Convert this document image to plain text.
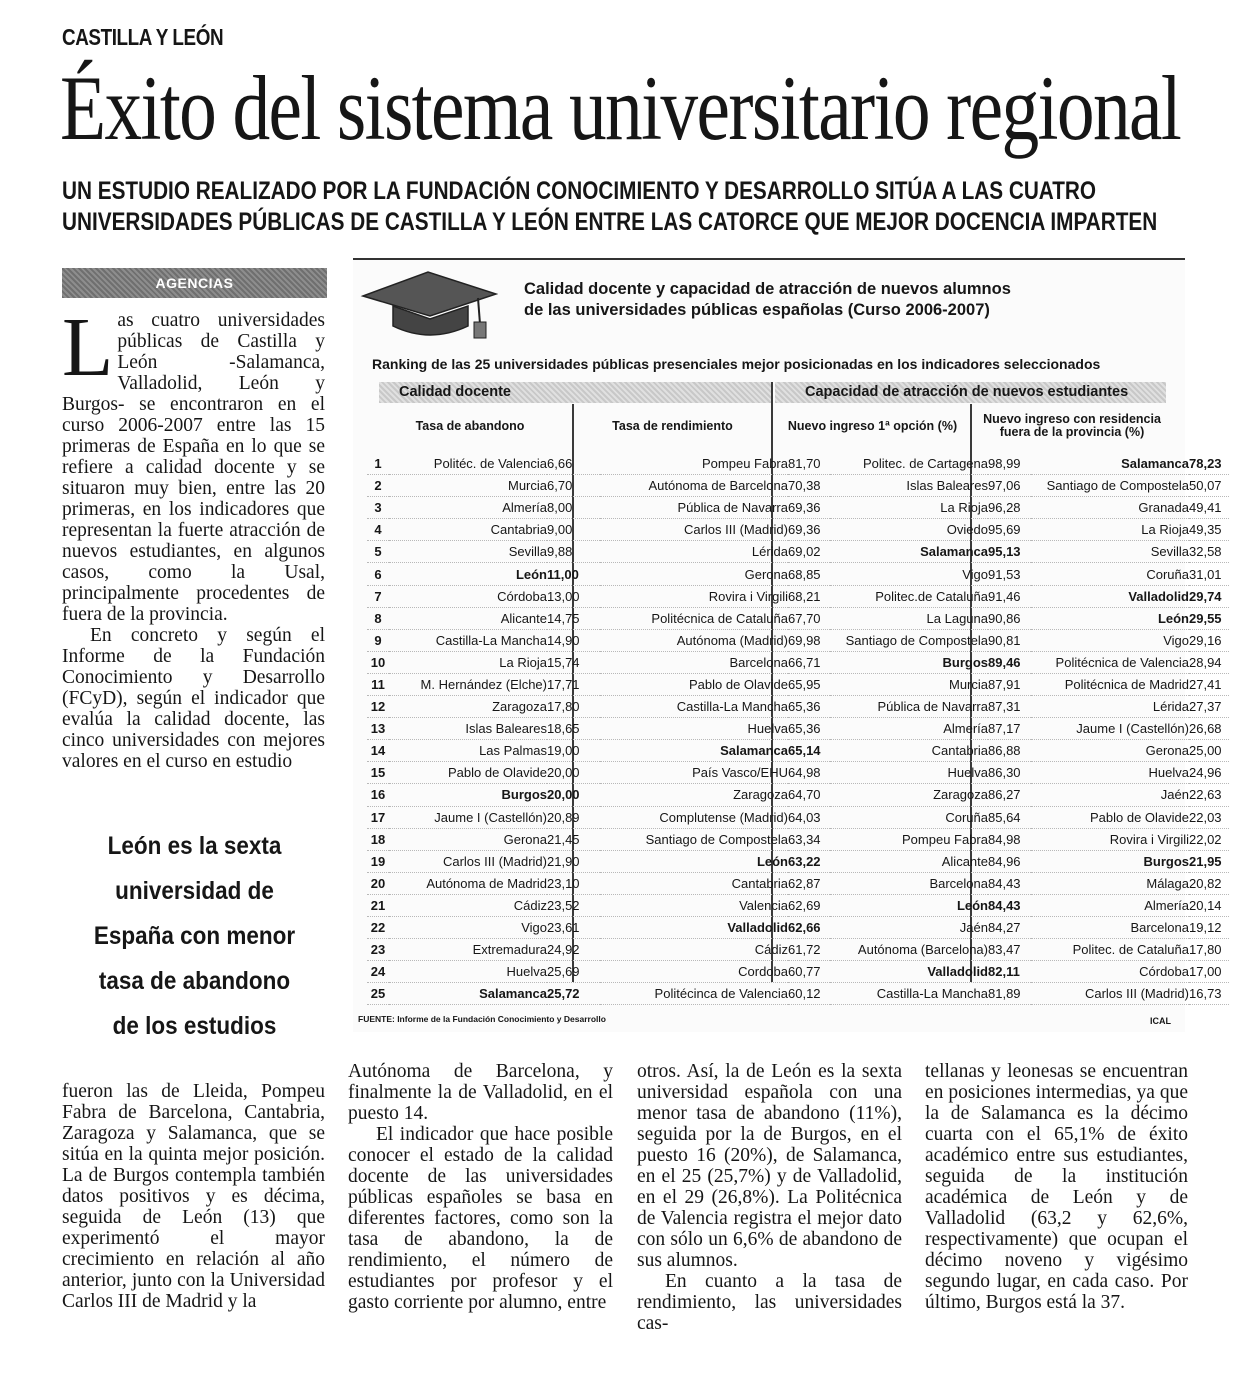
CASTILLA Y LEÓN
Éxito del sistema universitario regional
UN ESTUDIO REALIZADO POR LA FUNDACIÓN CONOCIMIENTO Y DESARROLLO SITÚA A LAS CUATRO UNIVERSIDADES PÚBLICAS DE CASTILLA Y LEÓN ENTRE LAS CATORCE QUE MEJOR DOCENCIA IMPARTEN
AGENCIAS
Las cuatro universidades públicas de Castilla y León -Salamanca, Valladolid, León y Burgos- se encontraron en el curso 2006-2007 entre las 15 primeras de España en lo que se refiere a calidad docente y se situaron muy bien, entre las 20 primeras, en los indicadores que representan la fuerte atracción de nuevos estudiantes, en algunos casos, como la Usal, principalmente procedentes de fuera de la provincia.
En concreto y según el Informe de la Fundación Conocimiento y Desarrollo (FCyD), según el indicador que evalúa la calidad docente, las cinco universidades con mejores valores en el curso en estudio
León es la sexta
universidad de
España con menor
tasa de abandono
de los estudios
fueron las de Lleida, Pompeu Fabra de Barcelona, Cantabria, Zaragoza y Salamanca, que se sitúa en la quinta mejor posición. La de Burgos contempla también datos positivos y es décima, seguida de León (13) que experimentó el mayor crecimiento en relación al año anterior, junto con la Universidad Carlos III de Madrid y la
Autónoma de Barcelona, y finalmente la de Valladolid, en el puesto 14.
El indicador que hace posible conocer el estado de la calidad docente de las universidades públicas españoles se basa en diferentes factores, como son la tasa de abandono, la de rendimiento, el número de estudiantes por profesor y el gasto corriente por alumno, entre
otros. Así, la de León es la sexta universidad española con una menor tasa de abandono (11%), seguida por la de Burgos, en el puesto 16 (20%), de Salamanca, en el 25 (25,7%) y de Valladolid, en el 29 (26,8%). La Politécnica de Valencia registra el mejor dato con sólo un 6,6% de abandono de sus alumnos.
En cuanto a la tasa de rendimiento, las universidades cas-
tellanas y leonesas se encuentran en posiciones intermedias, ya que la de Salamanca es la décimo cuarta con el 65,1% de éxito académico entre sus estudiantes, seguida de la institución académica de León y de Valladolid (63,2 y 62,6%, respectivamente) que ocupan el décimo noveno y vigésimo segundo lugar, en cada caso. Por último, Burgos está la 37.
Calidad docente y capacidad de atracción de nuevos alumnos
de las universidades públicas españolas (Curso 2006-2007)
Ranking de las 25 universidades públicas presenciales mejor posicionadas en los indicadores seleccionados
Calidad docente	Capacidad de atracción de nuevos estudiantes
Tasa de abandono	Tasa de rendimiento	Nuevo ingreso 1ª opción (%)	Nuevo ingreso con residencia
fuera de la provincia (%)
1	Politéc. de Valencia	6,66	Pompeu Fabra	81,70	Politec. de Cartagena	98,99	Salamanca	78,23
2	Murcia	6,70	Autónoma de Barcelona	70,38	Islas Baleares	97,06	Santiago de Compostela	50,07
3	Almería	8,00	Pública de Navarra	69,36	La Rioja	96,28	Granada	49,41
4	Cantabria	9,00	Carlos III (Madrid)	69,36	Oviedo	95,69	La Rioja	49,35
5	Sevilla	9,88	Lérida	69,02	Salamanca	95,13	Sevilla	32,58
6	León	11,00	Gerona	68,85	Vigo	91,53	Coruña	31,01
7	Córdoba	13,00	Rovira i Virgili	68,21	Politec.de Cataluña	91,46	Valladolid	29,74
8	Alicante	14,75	Politécnica de Cataluña	67,70	La Laguna	90,86	León	29,55
9	Castilla-La Mancha	14,90	Autónoma (Madrid)	69,98	Santiago de Compostela	90,81	Vigo	29,16
10	La Rioja	15,74	Barcelona	66,71	Burgos	89,46	Politécnica de Valencia	28,94
11	M. Hernández (Elche)	17,71	Pablo de Olavide	65,95	Murcia	87,91	Politécnica de Madrid	27,41
12	Zaragoza	17,80	Castilla-La Mancha	65,36	Pública de Navarra	87,31	Lérida	27,37
13	Islas Baleares	18,65	Huelva	65,36	Almería	87,17	Jaume I (Castellón)	26,68
14	Las Palmas	19,00	Salamanca	65,14	Cantabria	86,88	Gerona	25,00
15	Pablo de Olavide	20,00	País Vasco/EHU	64,98	Huelva	86,30	Huelva	24,96
16	Burgos	20,00	Zaragoza	64,70	Zaragoza	86,27	Jaén	22,63
17	Jaume I (Castellón)	20,89	Complutense (Madrid)	64,03	Coruña	85,64	Pablo de Olavide	22,03
18	Gerona	21,45	Santiago de Compostela	63,34	Pompeu Fabra	84,98	Rovira i Virgili	22,02
19	Carlos III (Madrid)	21,90	León	63,22	Alicante	84,96	Burgos	21,95
20	Autónoma de Madrid	23,10	Cantabria	62,87	Barcelona	84,43	Málaga	20,82
21	Cádiz	23,52	Valencia	62,69	León	84,43	Almería	20,14
22	Vigo	23,61	Valladolid	62,66	Jaén	84,27	Barcelona	19,12
23	Extremadura	24,92	Cádiz	61,72	Autónoma (Barcelona)	83,47	Politec. de Cataluña	17,80
24	Huelva	25,69	Cordoba	60,77	Valladolid	82,11	Córdoba	17,00
25	Salamanca	25,72	Politécinca de Valencia	60,12	Castilla-La Mancha	81,89	Carlos III (Madrid)	16,73
FUENTE: Informe de la Fundación Conocimiento y Desarrollo	ICAL
